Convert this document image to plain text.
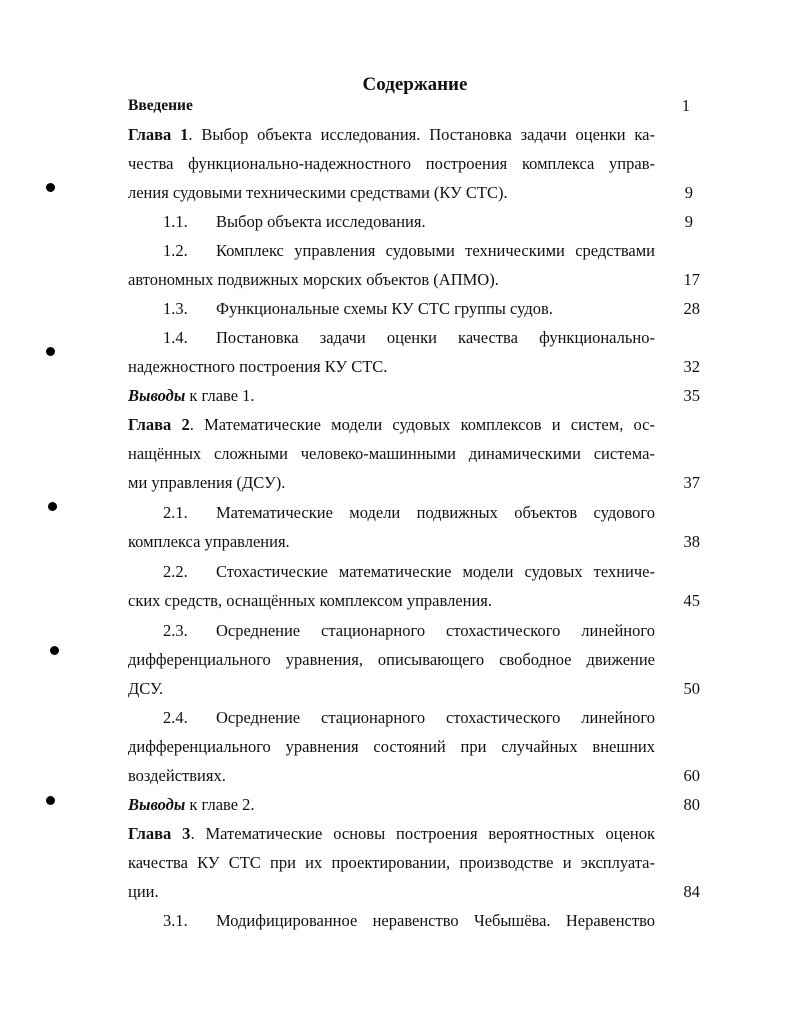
Содержание
Введение	1
Глава 1. Выбор объекта исследования. Постановка задачи оценки ка-
чества функционально-надежностного построения комплекса управ-
ления судовыми техническими средствами (КУ СТС).	9
1.1. Выбор объекта исследования.	9
1.2. Комплекс управления судовыми техническими средствами
автономных подвижных морских объектов (АПМО).	17
1.3. Функциональные схемы КУ СТС группы судов.	28
1.4. Постановка задачи оценки качества функционально-
надежностного построения КУ СТС.	32
Выводы к главе 1.	35
Глава 2. Математические модели судовых комплексов и систем, ос-
нащённых сложными человеко-машинными динамическими системa-
ми управления (ДСУ).	37
2.1. Математические модели подвижных объектов судового
комплекса управления.	38
2.2. Стохастические математические модели судовых техниче-
ских средств, оснащённых комплексом управления.	45
2.3. Осреднение стационарного стохастического линейного
дифференциального уравнения, описывающего свободное движение
ДСУ.	50
2.4. Осреднение стационарного стохастического линейного
дифференциального уравнения состояний при случайных внешних
воздействиях.	60
Выводы к главе 2.	80
Глава 3. Математические основы построения вероятностных оценок
качества КУ СТС при их проектировании, производстве и эксплуата-
ции.	84
3.1. Модифицированное неравенство Чебышёва. Неравенство
